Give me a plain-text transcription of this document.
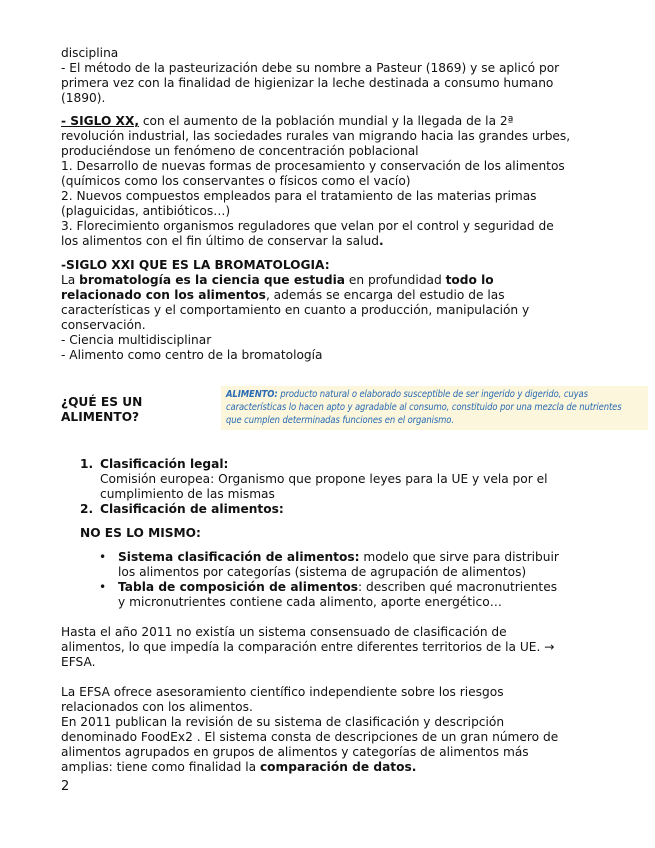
disciplina

- El método de la pasteurización debe su nombre a Pasteur (1869) y se aplicó por

primera vez con la finalidad de higienizar la leche destinada a consumo humano

(1890).

- SIGLO XX, con el aumento de la población mundial y la llegada de la 2ª

revolución industrial, las sociedades rurales van migrando hacia las grandes urbes,

produciéndose un fenómeno de concentración poblacional

1. Desarrollo de nuevas formas de procesamiento y conservación de los alimentos

(químicos como los conservantes o físicos como el vacío)

2. Nuevos compuestos empleados para el tratamiento de las materias primas

(plaguicidas, antibióticos…)

3. Florecimiento organismos reguladores que velan por el control y seguridad de

los alimentos con el fin último de conservar la salud.

-SIGLO XXI QUE ES LA BROMATOLOGIA:

La bromatología es la ciencia que estudia en profundidad todo lo

relacionado con los alimentos, además se encarga del estudio de las

características y el comportamiento en cuanto a producción, manipulación y

conservación.

- Ciencia multidisciplinar

- Alimento como centro de la bromatología

¿QUÉ ES UN

ALIMENTO?

ALIMENTO: producto natural o elaborado susceptible de ser ingerido y digerido, cuyas
características lo hacen apto y agradable al consumo, constituido por una mezcla de nutrientes
que cumplen determinadas funciones en el organismo.
1. Clasificación legal:

Comisión europea: Organismo que propone leyes para la UE y vela por el

cumplimiento de las mismas

2. Clasificación de alimentos:

NO ES LO MISMO:

• Sistema clasificación de alimentos: modelo que sirve para distribuir

los alimentos por categorías (sistema de agrupación de alimentos)

• Tabla de composición de alimentos: describen qué macronutrientes

y micronutrientes contiene cada alimento, aporte energético…

Hasta el año 2011 no existía un sistema consensuado de clasificación de

alimentos, lo que impedía la comparación entre diferentes territorios de la UE. →

EFSA.

La EFSA ofrece asesoramiento científico independiente sobre los riesgos

relacionados con los alimentos.

En 2011 publican la revisión de su sistema de clasificación y descripción

denominado FoodEx2 . El sistema consta de descripciones de un gran número de

alimentos agrupados en grupos de alimentos y categorías de alimentos más

amplias: tiene como finalidad la comparación de datos.

2
